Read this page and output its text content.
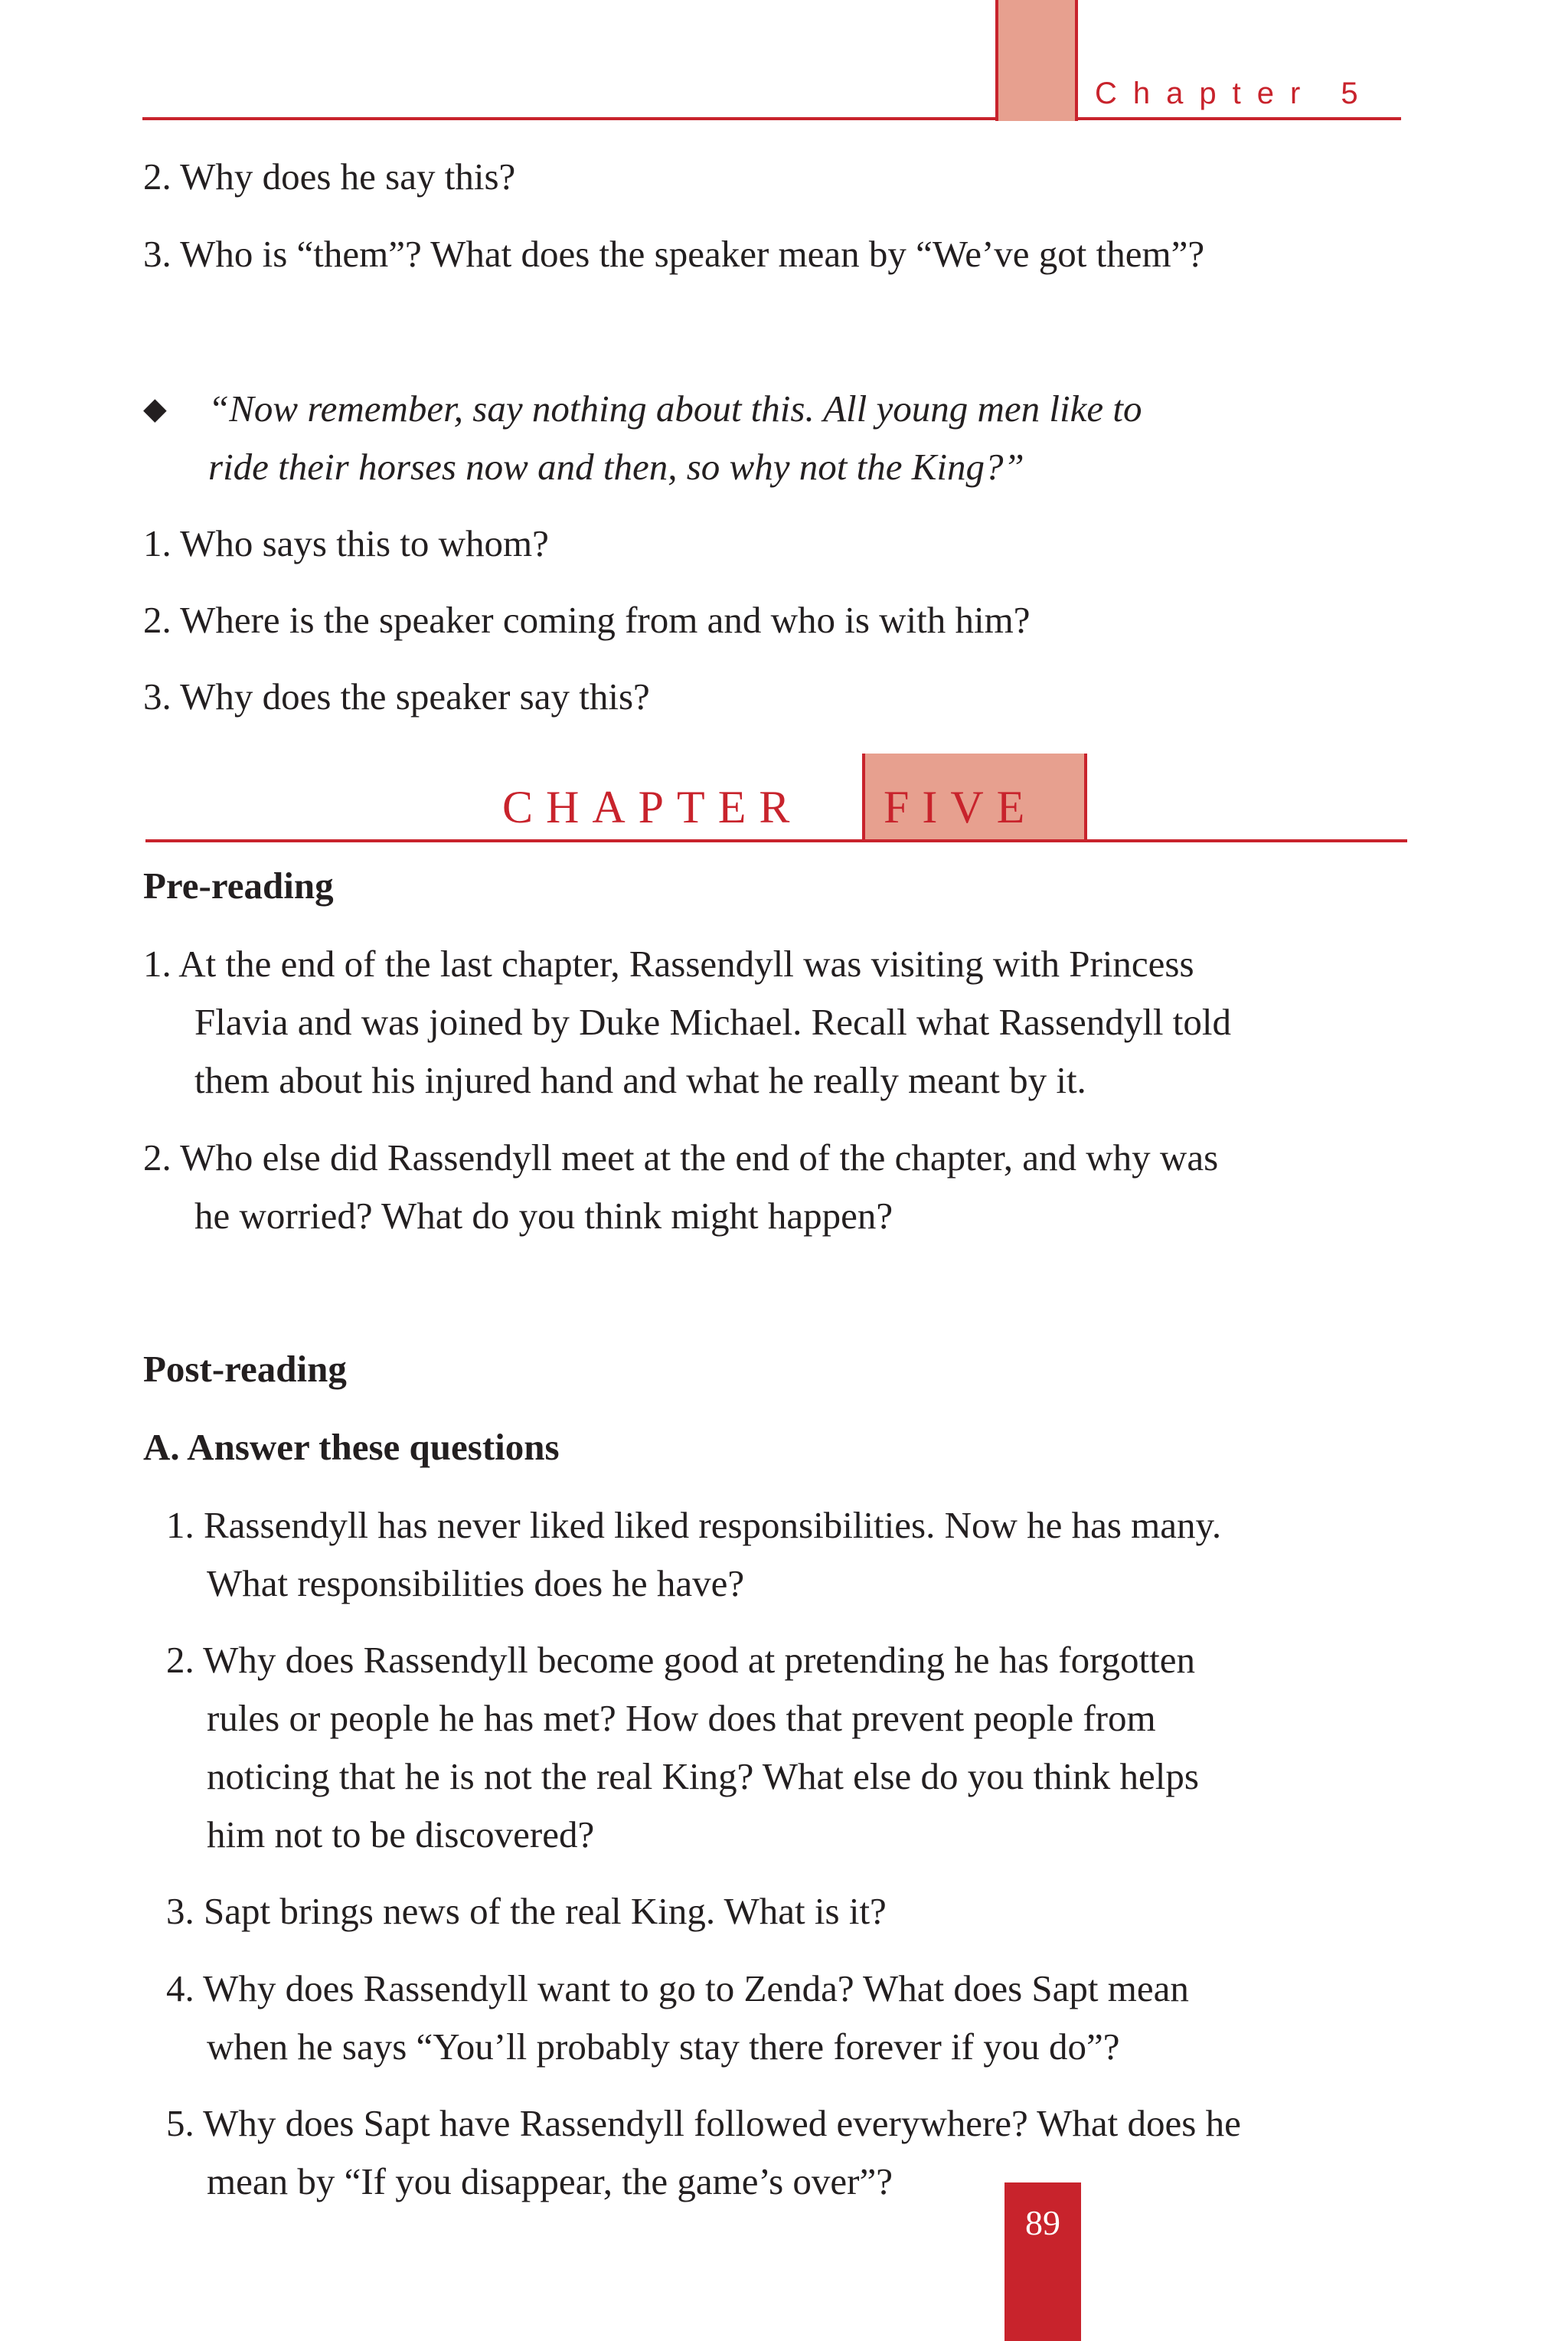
Chapter 5
2. Why does he say this?
3. Who is “them”? What does the speaker mean by “We’ve got them”?
◆ “Now remember, say nothing about this. All young men like to
ride their horses now and then, so why not the King?”
1. Who says this to whom?
2. Where is the speaker coming from and who is with him?
3. Why does the speaker say this?
CHAPTER FIVE
Pre-reading
1. At the end of the last chapter, Rassendyll was visiting with Princess
Flavia and was joined by Duke Michael. Recall what Rassendyll told
them about his injured hand and what he really meant by it.
2. Who else did Rassendyll meet at the end of the chapter, and why was
he worried? What do you think might happen?
Post-reading
A. Answer these questions
1. Rassendyll has never liked liked responsibilities. Now he has many.
What responsibilities does he have?
2. Why does Rassendyll become good at pretending he has forgotten
rules or people he has met? How does that prevent people from
noticing that he is not the real King? What else do you think helps
him not to be discovered?
3. Sapt brings news of the real King. What is it?
4. Why does Rassendyll want to go to Zenda? What does Sapt mean
when he says “You’ll probably stay there forever if you do”?
5. Why does Sapt have Rassendyll followed everywhere? What does he
mean by “If you disappear, the game’s over”?
89
